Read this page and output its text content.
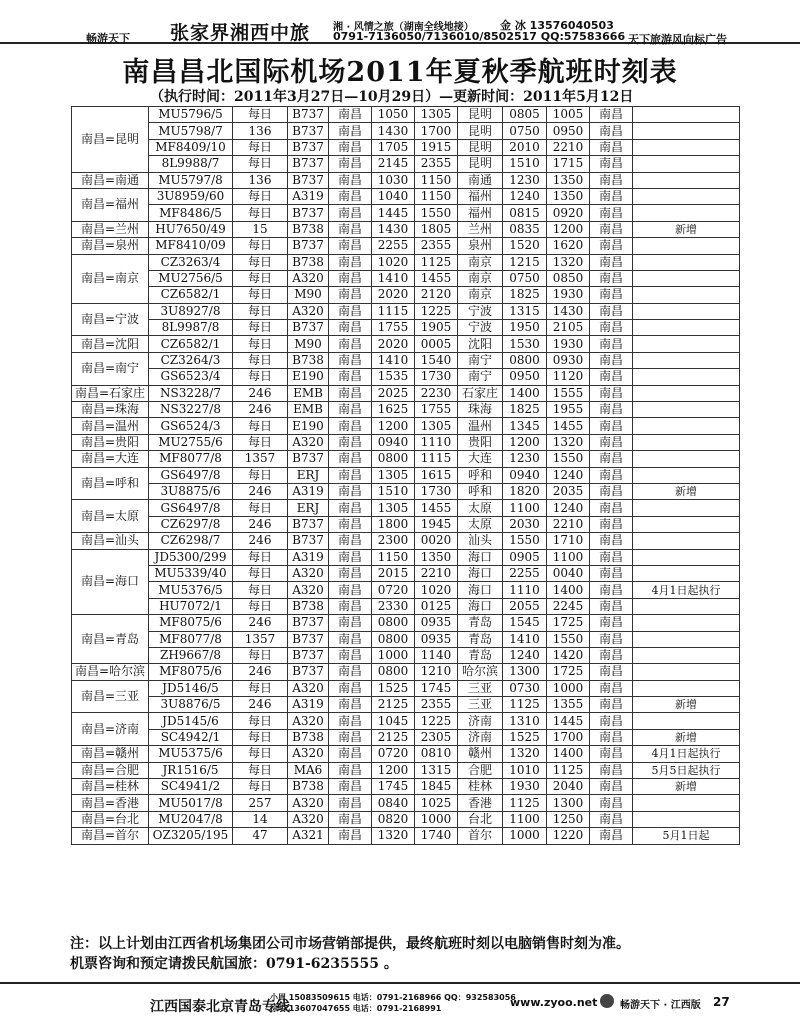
畅游天下 张家界湘西中旅 湘 · 风情之旅（湖南全线地接） 金 冰 13576040503
0791-7136050/7136010/8502517 QQ:57583666 天下旅游风向标广告
南昌昌北国际机场2011年夏秋季航班时刻表
（执行时间：2011年3月27日—10月29日）—更新时间：2011年5月12日
南昌=昆明	MU5796/5	每日	B737	南昌	1050	1305	昆明	0805	1005	南昌	
	MU5798/7	136	B737	南昌	1430	1700	昆明	0750	0950	南昌	
	MF8409/10	每日	B737	南昌	1705	1915	昆明	2010	2210	南昌	
	8L9988/7	每日	B737	南昌	2145	2355	昆明	1510	1715	南昌	
南昌=南通	MU5797/8	136	B737	南昌	1030	1150	南通	1230	1350	南昌	
南昌=福州	3U8959/60	每日	A319	南昌	1040	1150	福州	1240	1350	南昌	
	MF8486/5	每日	B737	南昌	1445	1550	福州	0815	0920	南昌	
南昌=兰州	HU7650/49	15	B738	南昌	1430	1805	兰州	0835	1200	南昌	新增
南昌=泉州	MF8410/09	每日	B737	南昌	2255	2355	泉州	1520	1620	南昌	
南昌=南京	CZ3263/4	每日	B738	南昌	1020	1125	南京	1215	1320	南昌	
	MU2756/5	每日	A320	南昌	1410	1455	南京	0750	0850	南昌	
	CZ6582/1	每日	M90	南昌	2020	2120	南京	1825	1930	南昌	
南昌=宁波	3U8927/8	每日	A320	南昌	1115	1225	宁波	1315	1430	南昌	
	8L9987/8	每日	B737	南昌	1755	1905	宁波	1950	2105	南昌	
南昌=沈阳	CZ6582/1	每日	M90	南昌	2020	0005	沈阳	1530	1930	南昌	
南昌=南宁	CZ3264/3	每日	B738	南昌	1410	1540	南宁	0800	0930	南昌	
	GS6523/4	每日	E190	南昌	1535	1730	南宁	0950	1120	南昌	
南昌=石家庄	NS3228/7	246	EMB	南昌	2025	2230	石家庄	1400	1555	南昌	
南昌=珠海	NS3227/8	246	EMB	南昌	1625	1755	珠海	1825	1955	南昌	
南昌=温州	GS6524/3	每日	E190	南昌	1200	1305	温州	1345	1455	南昌	
南昌=贵阳	MU2755/6	每日	A320	南昌	0940	1110	贵阳	1200	1320	南昌	
南昌=大连	MF8077/8	1357	B737	南昌	0800	1115	大连	1230	1550	南昌	
南昌=呼和	GS6497/8	每日	ERJ	南昌	1305	1615	呼和	0940	1240	南昌	
	3U8875/6	246	A319	南昌	1510	1730	呼和	1820	2035	南昌	新增
南昌=太原	GS6497/8	每日	ERJ	南昌	1305	1455	太原	1100	1240	南昌	
	CZ6297/8	246	B737	南昌	1800	1945	太原	2030	2210	南昌	
南昌=汕头	CZ6298/7	246	B737	南昌	2300	0020	汕头	1550	1710	南昌	
南昌=海口	JD5300/299	每日	A319	南昌	1150	1350	海口	0905	1100	南昌	
	MU5339/40	每日	A320	南昌	2015	2210	海口	2255	0040	南昌	
	MU5376/5	每日	A320	南昌	0720	1020	海口	1110	1400	南昌	4月1日起执行
	HU7072/1	每日	B738	南昌	2330	0125	海口	2055	2245	南昌	
南昌=青岛	MF8075/6	246	B737	南昌	0800	0935	青岛	1545	1725	南昌	
	MF8077/8	1357	B737	南昌	0800	0935	青岛	1410	1550	南昌	
	ZH9667/8	每日	B737	南昌	1000	1140	青岛	1240	1420	南昌	
南昌=哈尔滨	MF8075/6	246	B737	南昌	0800	1210	哈尔滨	1300	1725	南昌	
南昌=三亚	JD5146/5	每日	A320	南昌	1525	1745	三亚	0730	1000	南昌	
	3U8876/5	246	A319	南昌	2125	2355	三亚	1125	1355	南昌	新增
南昌=济南	JD5145/6	每日	A320	南昌	1045	1225	济南	1310	1445	南昌	
	SC4942/1	每日	B738	南昌	2125	2305	济南	1525	1700	南昌	新增
南昌=赣州	MU5375/6	每日	A320	南昌	0720	0810	赣州	1320	1400	南昌	4月1日起执行
南昌=合肥	JR1516/5	每日	MA6	南昌	1200	1315	合肥	1010	1125	南昌	5月5日起执行
南昌=桂林	SC4941/2	每日	B738	南昌	1745	1845	桂林	1930	2040	南昌	新增
南昌=香港	MU5017/8	257	A320	南昌	0840	1025	香港	1125	1300	南昌	
南昌=台北	MU2047/8	14	A320	南昌	0820	1000	台北	1100	1250	南昌	
南昌=首尔	OZ3205/195	47	A321	南昌	1320	1740	首尔	1000	1220	南昌	5月1日起
注：以上计划由江西省机场集团公司市场营销部提供，最终航班时刻以电脑销售时刻为准。
机票咨询和预定请拨民航国旅：0791-6235555 。
江西国泰北京青岛专线
小周 15083509615 电话：0791-2168966 QQ：932583056
徐明 13607047655 电话：0791-2168991	www.zyoo.net 畅游天下 · 江西版 27
